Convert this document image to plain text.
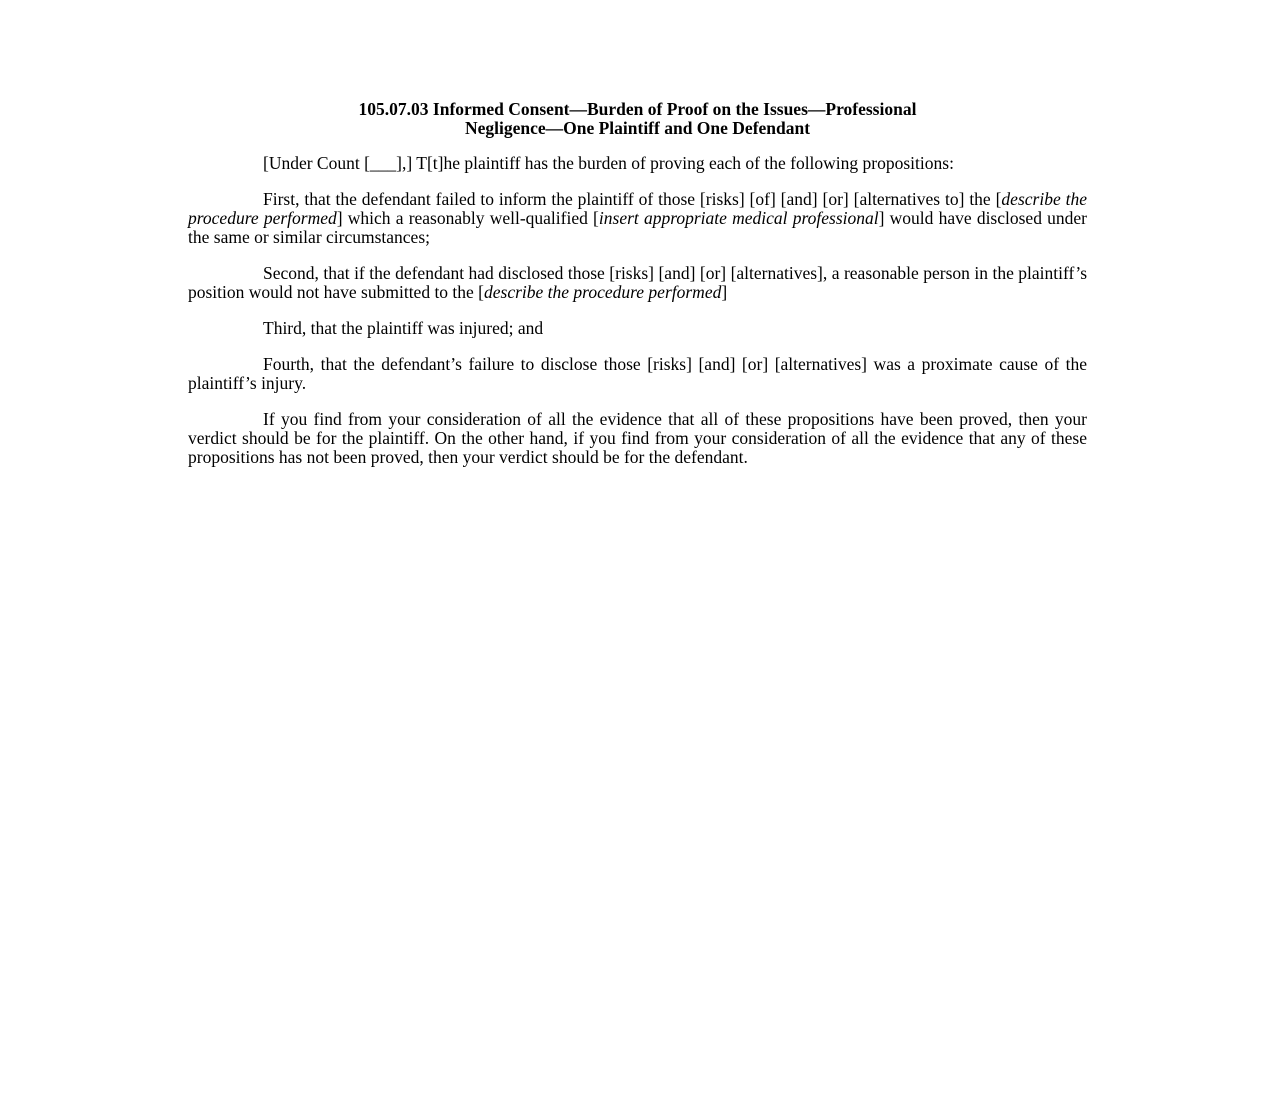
105.07.03 Informed Consent—Burden of Proof on the Issues—Professional
Negligence—One Plaintiff and One Defendant

[Under Count [___],] T[t]he plaintiff has the burden of proving each of the following propositions:

First, that the defendant failed to inform the plaintiff of those [risks] [of] [and] [or] [alternatives to] the [describe the procedure performed] which a reasonably well-qualified [insert appropriate medical professional] would have disclosed under the same or similar circumstances;

Second, that if the defendant had disclosed those [risks] [and] [or] [alternatives], a reasonable person in the plaintiff’s position would not have submitted to the [describe the procedure performed]

Third, that the plaintiff was injured; and

Fourth, that the defendant’s failure to disclose those [risks] [and] [or] [alternatives] was a proximate cause of the plaintiff’s injury.

If you find from your consideration of all the evidence that all of these propositions have been proved, then your verdict should be for the plaintiff. On the other hand, if you find from your consideration of all the evidence that any of these propositions has not been proved, then your verdict should be for the defendant.
